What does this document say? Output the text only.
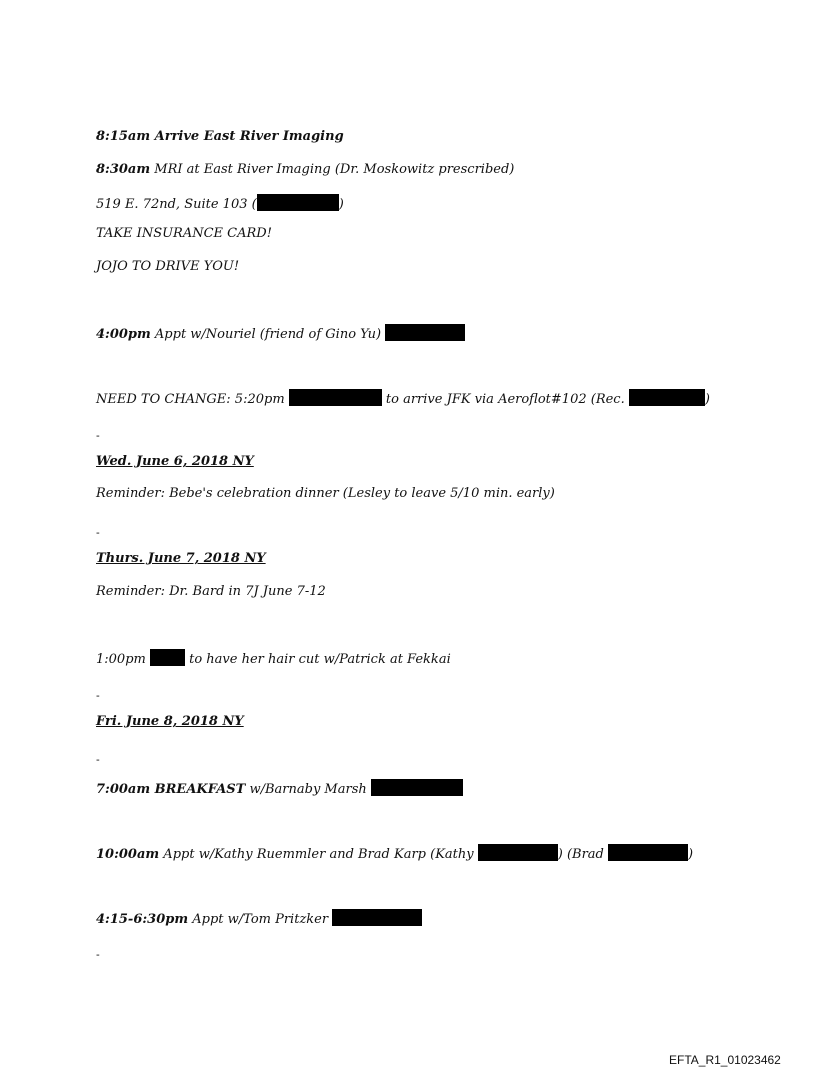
8:15am Arrive East River Imaging
8:30am MRI at East River Imaging (Dr. Moskowitz prescribed)
519 E. 72nd, Suite 103 (	)
TAKE INSURANCE CARD!
JOJO TO DRIVE YOU!
4:00pm Appt w/Nouriel (friend of Gino Yu)
NEED TO CHANGE: 5:20pm	to arrive JFK via Aeroflot#102 (Rec.	)
-
Wed. June 6, 2018 NY
Reminder: Bebe's celebration dinner (Lesley to leave 5/10 min. early)
-
Thurs. June 7, 2018 NY
Reminder: Dr. Bard in 7J June 7-12
1:00pm	to have her hair cut w/Patrick at Fekkai
-
Fri. June 8, 2018 NY
-
7:00am BREAKFAST w/Barnaby Marsh
10:00am Appt w/Kathy Ruemmler and Brad Karp (Kathy	) (Brad	)
4:15-6:30pm Appt w/Tom Pritzker
-
EFTA_R1_01023462
